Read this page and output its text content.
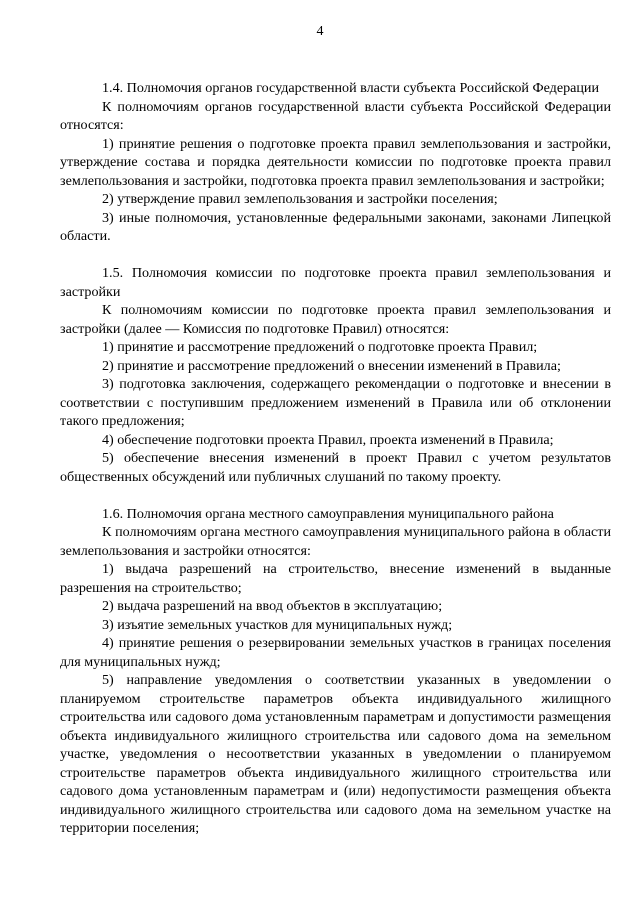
4

1.4. Полномочия органов государственной власти субъекта Российской Федерации

К полномочиям органов государственной власти субъекта Российской Федерации относятся:

1) принятие решения о подготовке проекта правил землепользования и застройки, утверждение состава и порядка деятельности комиссии по подготовке проекта правил землепользования и застройки, подготовка проекта правил землепользования и застройки;

2) утверждение правил землепользования и застройки поселения;

3) иные полномочия, установленные федеральными законами, законами Липецкой области.

1.5. Полномочия комиссии по подготовке проекта правил землепользования и застройки

К полномочиям комиссии по подготовке проекта правил землепользования и застройки (далее — Комиссия по подготовке Правил) относятся:

1) принятие и рассмотрение предложений о подготовке проекта Правил;

2) принятие и рассмотрение предложений о внесении изменений в Правила;

3) подготовка заключения, содержащего рекомендации о подготовке и внесении в соответствии с поступившим предложением изменений в Правила или об отклонении такого предложения;

4) обеспечение подготовки проекта Правил, проекта изменений в Правила;

5) обеспечение внесения изменений в проект Правил с учетом результатов общественных обсуждений или публичных слушаний по такому проекту.

1.6. Полномочия органа местного самоуправления муниципального района

К полномочиям органа местного самоуправления муниципального района в области землепользования и застройки относятся:

1) выдача разрешений на строительство, внесение изменений в выданные разрешения на строительство;

2) выдача разрешений на ввод объектов в эксплуатацию;

3) изъятие земельных участков для муниципальных нужд;

4) принятие решения о резервировании земельных участков в границах поселения для муниципальных нужд;

5) направление уведомления о соответствии указанных в уведомлении о планируемом строительстве параметров объекта индивидуального жилищного строительства или садового дома установленным параметрам и допустимости размещения объекта индивидуального жилищного строительства или садового дома на земельном участке, уведомления о несоответствии указанных в уведомлении о планируемом строительстве параметров объекта индивидуального жилищного строительства или садового дома установленным параметрам и (или) недопустимости размещения объекта индивидуального жилищного строительства или садового дома на земельном участке на территории поселения;
